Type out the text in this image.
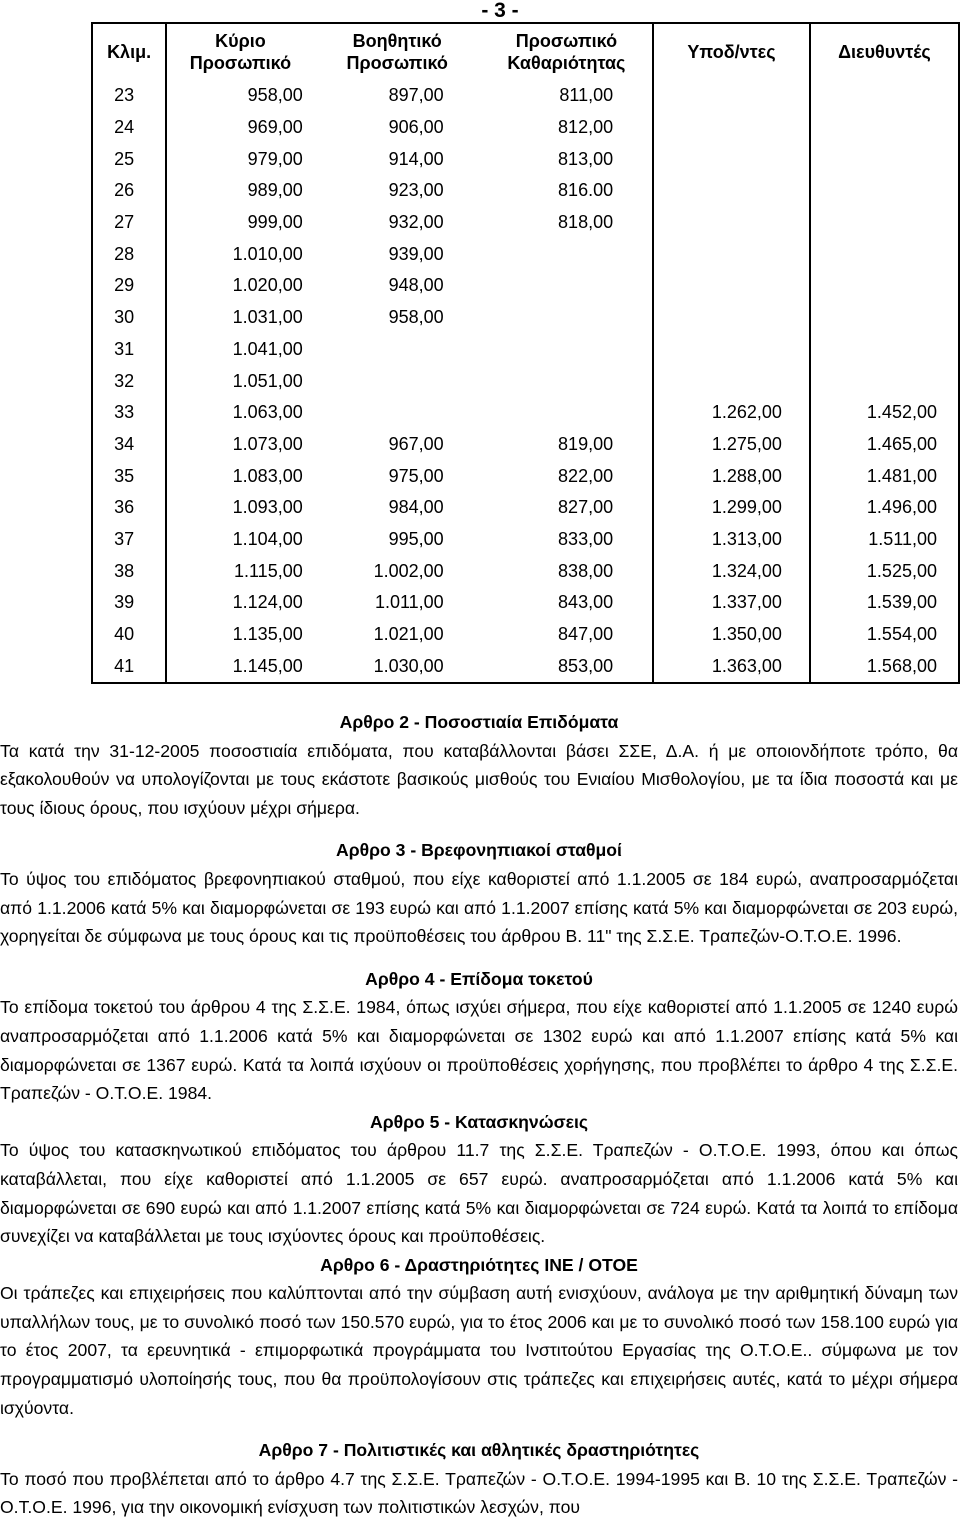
- 3 -
Κλιμ.	Κύριο Προσωπικό	Βοηθητικό Προσωπικό	Προσωπικό Καθαριότητας	Υποδ/ντες	Διευθυντές
23	958,00	897,00	811,00		
24	969,00	906,00	812,00		
25	979,00	914,00	813,00		
26	989,00	923,00	816.00		
27	999,00	932,00	818,00		
28	1.010,00	939,00			
29	1.020,00	948,00			
30	1.031,00	958,00			
31	1.041,00				
32	1.051,00				
33	1.063,00			1.262,00	1.452,00
34	1.073,00	967,00	819,00	1.275,00	1.465,00
35	1.083,00	975,00	822,00	1.288,00	1.481,00
36	1.093,00	984,00	827,00	1.299,00	1.496,00
37	1.104,00	995,00	833,00	1.313,00	1.511,00
38	1.115,00	1.002,00	838,00	1.324,00	1.525,00
39	1.124,00	1.011,00	843,00	1.337,00	1.539,00
40	1.135,00	1.021,00	847,00	1.350,00	1.554,00
41	1.145,00	1.030,00	853,00	1.363,00	1.568,00
Αρθρο 2 - Ποσοστιαία Επιδόματα

Τα κατά την 31-12-2005 ποσοστιαία επιδόματα, που καταβάλλονται βάσει ΣΣΕ, Δ.Α. ή με οποιονδήποτε τρόπο, θα εξακολουθούν να υπολογίζονται με τους εκάστοτε βασικούς μισθούς του Ενιαίου Μισθολογίου, με τα ίδια ποσοστά και με τους ίδιους όρους, που ισχύουν μέχρι σήμερα.

Αρθρο 3 - Βρεφονηπιακοί σταθμοί

Το ύψος του επιδόματος βρεφονηπιακού σταθμού, που είχε καθοριστεί από 1.1.2005 σε 184 ευρώ, αναπροσαρμόζεται από 1.1.2006 κατά 5% και διαμορφώνεται σε 193 ευρώ και από 1.1.2007 επίσης κατά 5% και διαμορφώνεται σε 203 ευρώ, χορηγείται δε σύμφωνα με τους όρους και τις προϋποθέσεις του άρθρου Β. 11" της Σ.Σ.Ε. Τραπεζών-Ο.Τ.Ο.Ε. 1996.

Αρθρο 4 - Επίδομα τοκετού

Το επίδομα τοκετού του άρθρου 4 της Σ.Σ.Ε. 1984, όπως ισχύει σήμερα, που είχε καθοριστεί από 1.1.2005 σε 1240 ευρώ αναπροσαρμόζεται από 1.1.2006 κατά 5% και διαμορφώνεται σε 1302 ευρώ και από 1.1.2007 επίσης κατά 5% και διαμορφώνεται σε 1367 ευρώ. Κατά τα λοιπά ισχύουν οι προϋποθέσεις χορήγησης, που προβλέπει το άρθρο 4 της Σ.Σ.Ε. Τραπεζών - Ο.Τ.Ο.Ε. 1984.

Αρθρο 5 - Κατασκηνώσεις

Το ύψος του κατασκηνωτικού επιδόματος του άρθρου 11.7 της Σ.Σ.Ε. Τραπεζών - Ο.Τ.Ο.Ε. 1993, όπου και όπως καταβάλλεται, που είχε καθοριστεί από 1.1.2005 σε 657 ευρώ. αναπροσαρμόζεται από 1.1.2006 κατά 5% και διαμορφώνεται σε 690 ευρώ και από 1.1.2007 επίσης κατά 5% και διαμορφώνεται σε 724 ευρώ. Κατά τα λοιπά το επίδομα συνεχίζει να καταβάλλεται με τους ισχύοντες όρους και προϋποθέσεις.

Αρθρο 6 - Δραστηριότητες ΙΝΕ / ΟΤΟΕ

Οι τράπεζες και επιχειρήσεις που καλύπτονται από την σύμβαση αυτή ενισχύουν, ανάλογα με την αριθμητική δύναμη των υπαλλήλων τους, με το συνολικό ποσό των 150.570 ευρώ, για το έτος 2006 και με το συνολικό ποσό των 158.100 ευρώ για το έτος 2007, τα ερευνητικά - επιμορφωτικά προγράμματα του Ινστιτούτου Εργασίας της Ο.Τ.Ο.Ε.. σύμφωνα με τον προγραμματισμό υλοποίησής τους, που θα προϋπολογίσουν στις τράπεζες και επιχειρήσεις αυτές, κατά το μέχρι σήμερα ισχύοντα.

Αρθρο 7 - Πολιτιστικές και αθλητικές δραστηριότητες

Το ποσό που προβλέπεται από το άρθρο 4.7 της Σ.Σ.Ε. Τραπεζών - Ο.Τ.Ο.Ε. 1994-1995 και Β. 10 της Σ.Σ.Ε. Τραπεζών - Ο.Τ.Ο.Ε. 1996, για την οικονομική ενίσχυση των πολιτιστικών λεσχών, που
